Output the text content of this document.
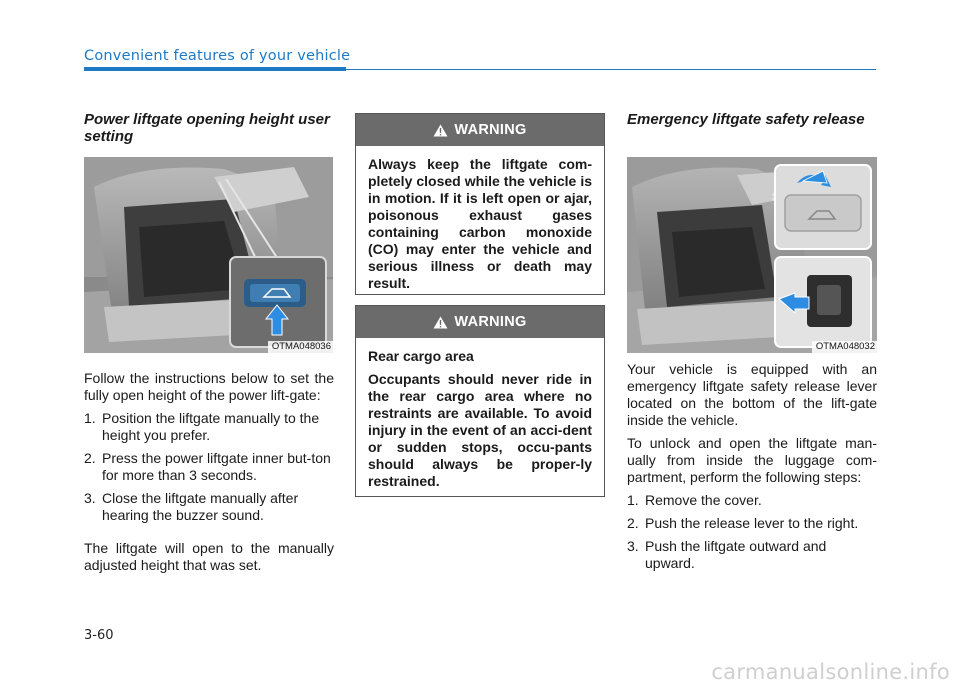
Convenient features of your vehicle
Power liftgate opening height user setting
OTMA048036

Follow the instructions below to set the fully open height of the power lift-gate:

1. Position the liftgate manually to the height you prefer.
2. Press the power liftgate inner but-ton for more than 3 seconds.
3. Close the liftgate manually after hearing the buzzer sound.

The liftgate will open to the manually adjusted height that was set.

WARNING

Always keep the liftgate com-pletely closed while the vehicle is in motion. If it is left open or ajar, poisonous exhaust gases containing carbon monoxide (CO) may enter the vehicle and serious illness or death may result.

WARNING

Rear cargo area

Occupants should never ride in the rear cargo area where no restraints are available. To avoid injury in the event of an acci-dent or sudden stops, occu-pants should always be proper-ly restrained.

Emergency liftgate safety release
OTMA048032

Your vehicle is equipped with an emergency liftgate safety release lever located on the bottom of the lift-gate inside the vehicle.

To unlock and open the liftgate man-ually from inside the luggage com-partment, perform the following steps:

1. Remove the cover.
2. Push the release lever to the right.
3. Push the liftgate outward and upward.
3-60
carmanualsonline.info
